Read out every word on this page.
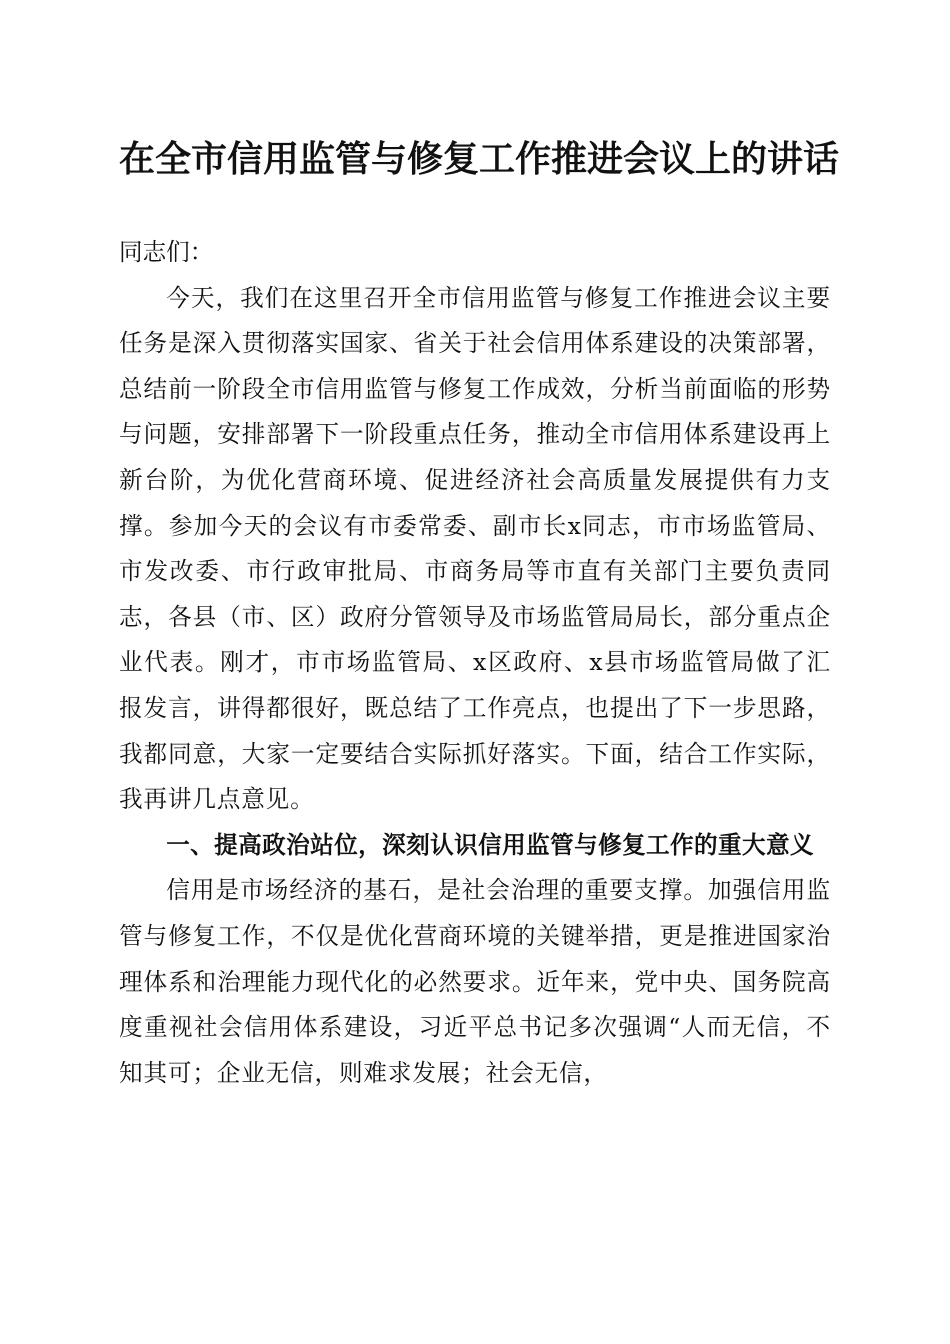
在全市信用监管与修复工作推进会议上的讲话

同志们：

今天，我们在这里召开全市信用监管与修复工作推进会议主要任务是深入贯彻落实国家、省关于社会信用体系建设的决策部署，总结前一阶段全市信用监管与修复工作成效，分析当前面临的形势与问题，安排部署下一阶段重点任务，推动全市信用体系建设再上新台阶，为优化营商环境、促进经济社会高质量发展提供有力支撑。参加今天的会议有市委常委、副市长x同志，市市场监管局、市发改委、市行政审批局、市商务局等市直有关部门主要负责同志，各县（市、区）政府分管领导及市场监管局局长，部分重点企业代表。刚才，市市场监管局、x区政府、x县市场监管局做了汇报发言，讲得都很好，既总结了工作亮点，也提出了下一步思路，我都同意，大家一定要结合实际抓好落实。下面，结合工作实际，我再讲几点意见。

一、提高政治站位，深刻认识信用监管与修复工作的重大意义

信用是市场经济的基石，是社会治理的重要支撑。加强信用监管与修复工作，不仅是优化营商环境的关键举措，更是推进国家治理体系和治理能力现代化的必然要求。近年来，党中央、国务院高度重视社会信用体系建设，习近平总书记多次强调“人而无信，不知其可；企业无信，则难求发展；社会无信，
